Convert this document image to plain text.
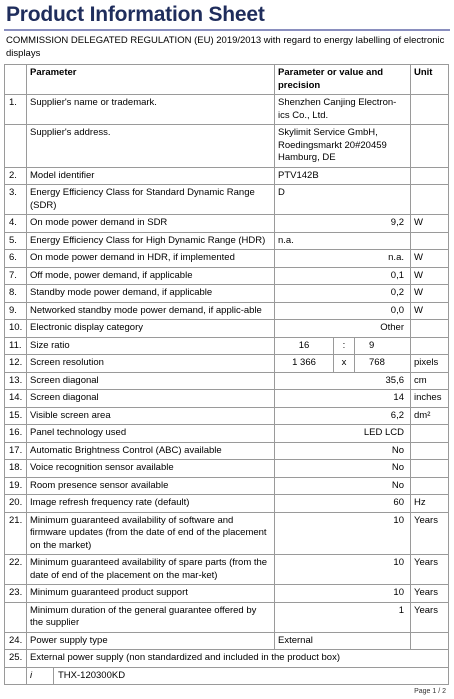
Product Information Sheet
COMMISSION DELEGATED REGULATION (EU) 2019/2013 with regard to energy labelling of electronic displays
	Parameter	Parameter or value and precision	Unit
1.	Supplier's name or trademark.	Shenzhen Canjing Electron-ics Co., Ltd.	
	Supplier's address.	Skylimit Service GmbH, Roedingsmarkt 20#20459 Hamburg, DE	
2.	Model identifier	PTV142B	
3.	Energy Efficiency Class for Standard Dynamic Range (SDR)	D	
4.	On mode power demand in SDR	9,2	W
5.	Energy Efficiency Class for High Dynamic Range (HDR)	n.a.	
6.	On mode power demand in HDR, if implemented	n.a.	W
7.	Off mode, power demand, if applicable	0,1	W
8.	Standby mode power demand, if applicable	0,2	W
9.	Networked standby mode power demand, if applic-able	0,0	W
10.	Electronic display category	Other	
11.	Size ratio	16 : 9	

12.	Screen resolution	1 366 x 768	pixels
13.	Screen diagonal	35,6	cm
14.	Screen diagonal	14	inches
15.	Visible screen area	6,2	dm²
16.	Panel technology used	LED LCD	
17.	Automatic Brightness Control (ABC) available	No	
18.	Voice recognition sensor available	No	
19.	Room presence sensor available	No	
20.	Image refresh frequency rate (default)	60	Hz
21.	Minimum guaranteed availability of software and firmware updates (from the date of end of the placement on the market)	10	Years
22.	Minimum guaranteed availability of spare parts (from the date of end of the placement on the mar-ket)	10	Years
23.	Minimum guaranteed product support	10	Years
	Minimum duration of the general guarantee offered by the supplier	1	Years
24.	Power supply type	External	
25.	External power supply (non standardized and included in the product box)		

	i THX-120300KD		
Page 1 / 2
